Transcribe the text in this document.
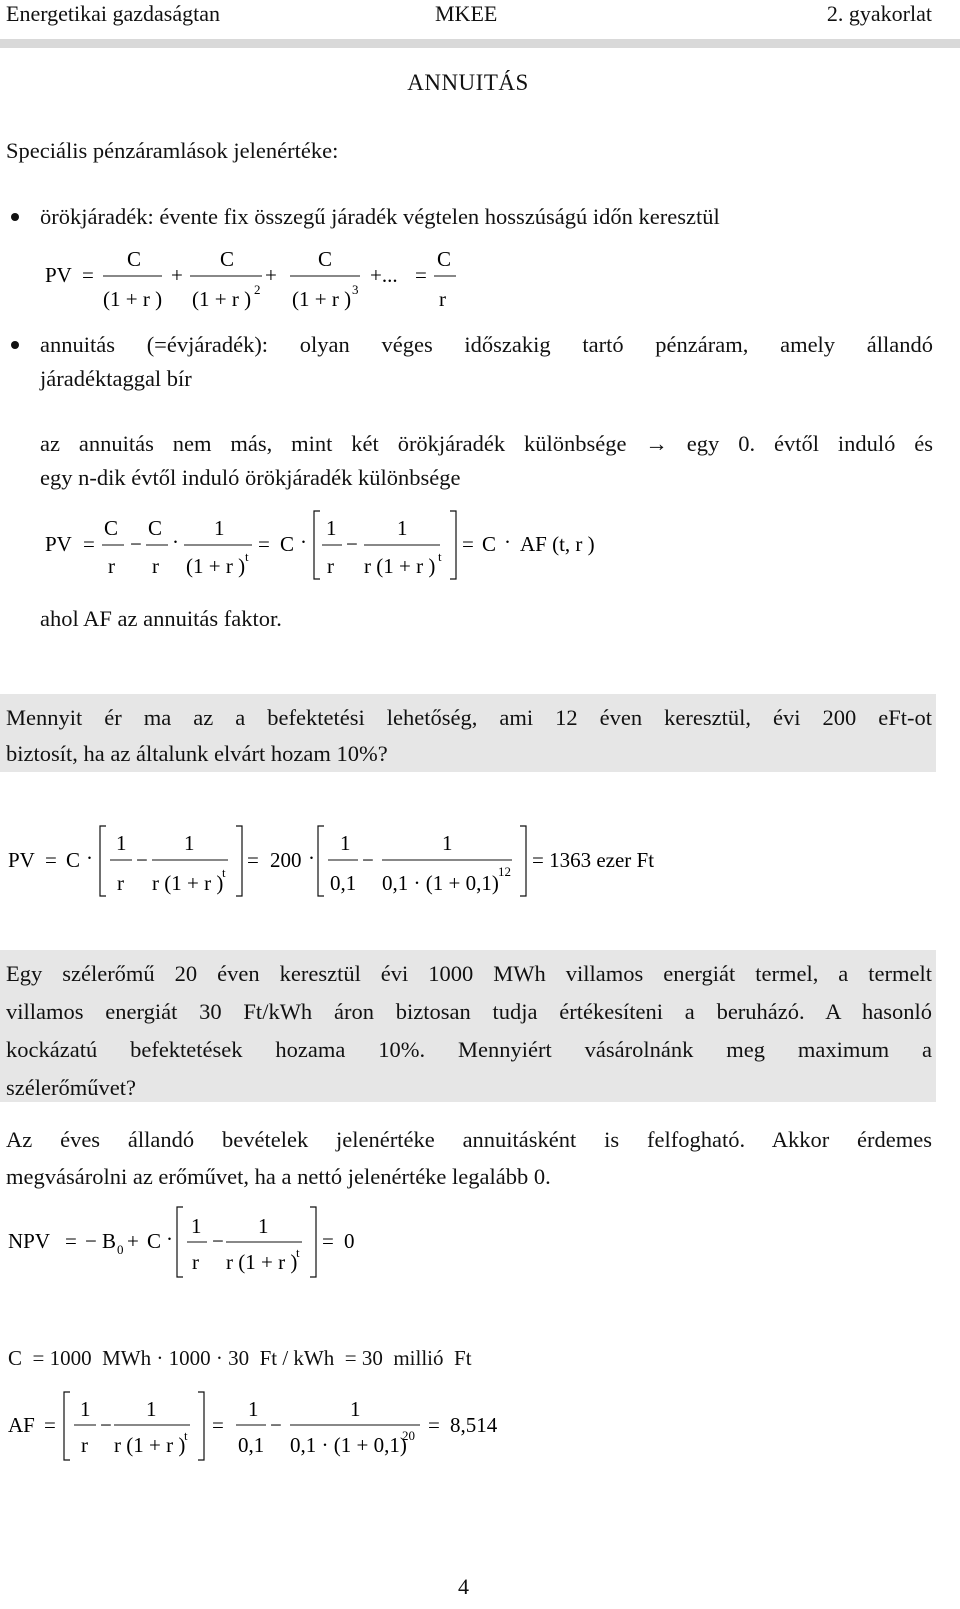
Energetikai gazdaságtan	MKEE	2. gyakorlat
ANNUITÁS
Speciális pénzáramlások jelenértéke:
örökjáradék: évente fix összegű járadék végtelen hosszúságú időn keresztül
PV =
C
(1 + r )
+
C
(1 + r ) 2
+
C
(1 + r ) 3
+... =
C
r
annuitás (=évjáradék): olyan véges időszakig tartó pénzáram, amely állandó
járadéktaggal bír
az annuitás nem más, mint két örökjáradék különbsége → egy 0. évtől induló és
egy n-dik évtől induló örökjáradék különbsége
PV =
C
r
−
C
r
·
1
(1 + r ) t
= C ·
1
r
−
1
r (1 + r ) t
= C · AF (t, r )
ahol AF az annuitás faktor.
Mennyit ér ma az a befektetési lehetőség, ami 12 éven keresztül, évi 200 eFt-ot
biztosít, ha az általunk elvárt hozam 10%?
PV = C ·
1
r
−
1
r (1 + r )
t
= 200 ·
1
0,1
−
1
0,1 · (1 + 0,1) 12 = 1363 ezer Ft
Egy szélerőmű 20 éven keresztül évi 1000 MWh villamos energiát termel, a termelt
villamos energiát 30 Ft/kWh áron biztosan tudja értékesíteni a beruházó. A hasonló
kockázatú befektetések hozama 10%. Mennyiért vásárolnánk meg maximum a
szélerőművet?
Az éves állandó bevételek jelenértéke annuitásként is felfogható. Akkor érdemes
megvásárolni az erőművet, ha a nettó jelenértéke legalább 0.
NPV = − B 0 + C ·
1
r
−
1
r (1 + r )
t = 0
C  = 1000  MWh · 1000 · 30  Ft / kWh  = 30  millió  Ft
AF =
1
r
−
1
r (1 + r )
t =
1
0,1
−
1
0,1 · (1 + 0,1)
20 = 8,514
4
